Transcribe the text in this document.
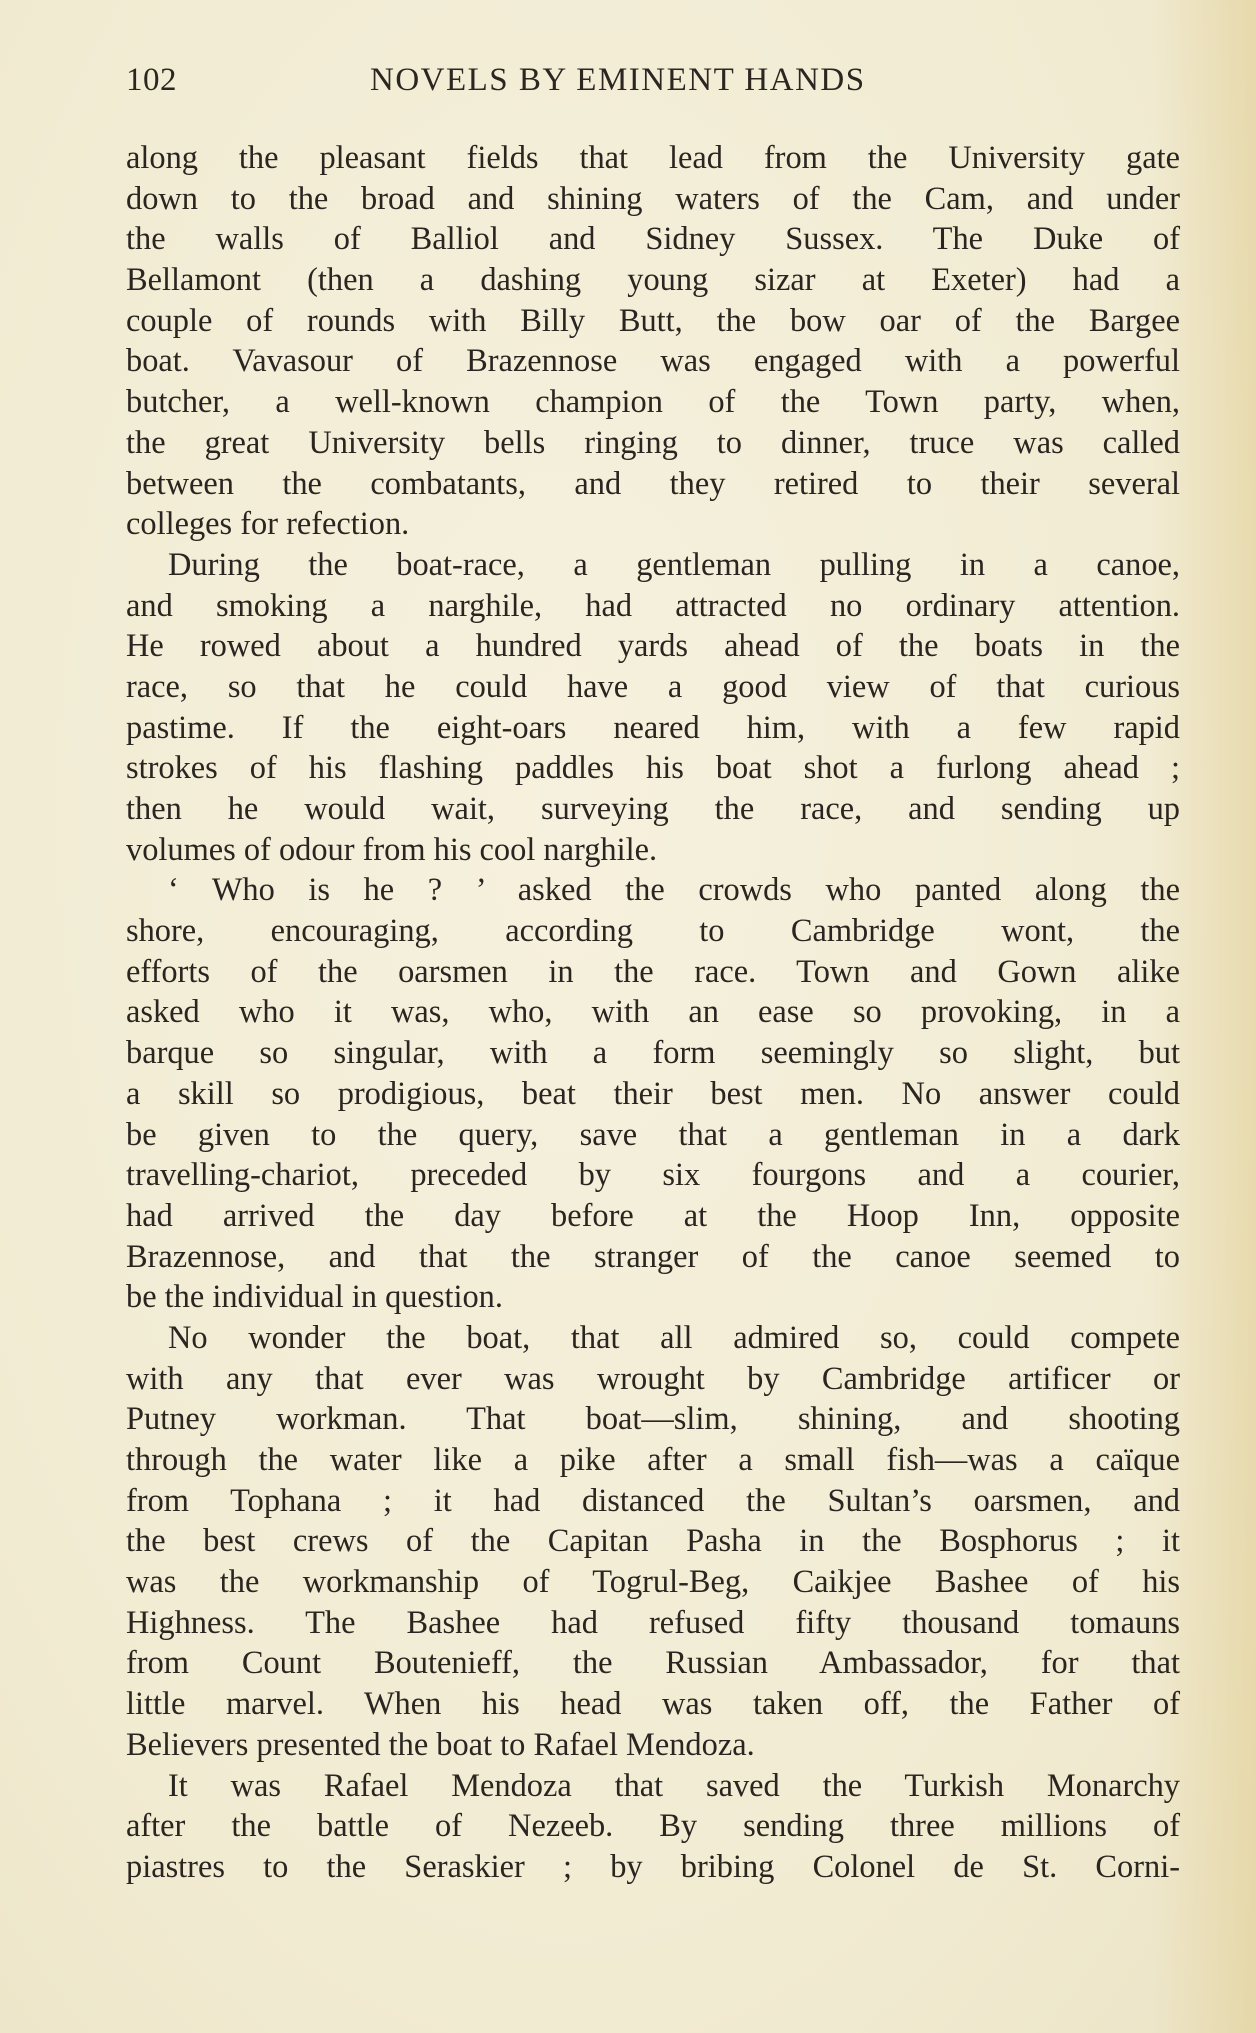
102	NOVELS BY EMINENT HANDS
along the pleasant fields that lead from the University gate
down to the broad and shining waters of the Cam, and under
the walls of Balliol and Sidney Sussex. The Duke of
Bellamont (then a dashing young sizar at Exeter) had a
couple of rounds with Billy Butt, the bow oar of the Bargee
boat. Vavasour of Brazennose was engaged with a powerful
butcher, a well-known champion of the Town party, when,
the great University bells ringing to dinner, truce was called
between the combatants, and they retired to their several
colleges for refection.
During the boat-race, a gentleman pulling in a canoe,
and smoking a narghile, had attracted no ordinary attention.
He rowed about a hundred yards ahead of the boats in the
race, so that he could have a good view of that curious
pastime. If the eight-oars neared him, with a few rapid
strokes of his flashing paddles his boat shot a furlong ahead ;
then he would wait, surveying the race, and sending up
volumes of odour from his cool narghile.
‘ Who is he ? ’ asked the crowds who panted along the
shore, encouraging, according to Cambridge wont, the
efforts of the oarsmen in the race. Town and Gown alike
asked who it was, who, with an ease so provoking, in a
barque so singular, with a form seemingly so slight, but
a skill so prodigious, beat their best men. No answer could
be given to the query, save that a gentleman in a dark
travelling-chariot, preceded by six fourgons and a courier,
had arrived the day before at the Hoop Inn, opposite
Brazennose, and that the stranger of the canoe seemed to
be the individual in question.
No wonder the boat, that all admired so, could compete
with any that ever was wrought by Cambridge artificer or
Putney workman. That boat—slim, shining, and shooting
through the water like a pike after a small fish—was a caïque
from Tophana ; it had distanced the Sultan’s oarsmen, and
the best crews of the Capitan Pasha in the Bosphorus ; it
was the workmanship of Togrul-Beg, Caikjee Bashee of his
Highness. The Bashee had refused fifty thousand tomauns
from Count Boutenieff, the Russian Ambassador, for that
little marvel. When his head was taken off, the Father of
Believers presented the boat to Rafael Mendoza.
It was Rafael Mendoza that saved the Turkish Monarchy
after the battle of Nezeeb. By sending three millions of
piastres to the Seraskier ; by bribing Colonel de St. Corni-
